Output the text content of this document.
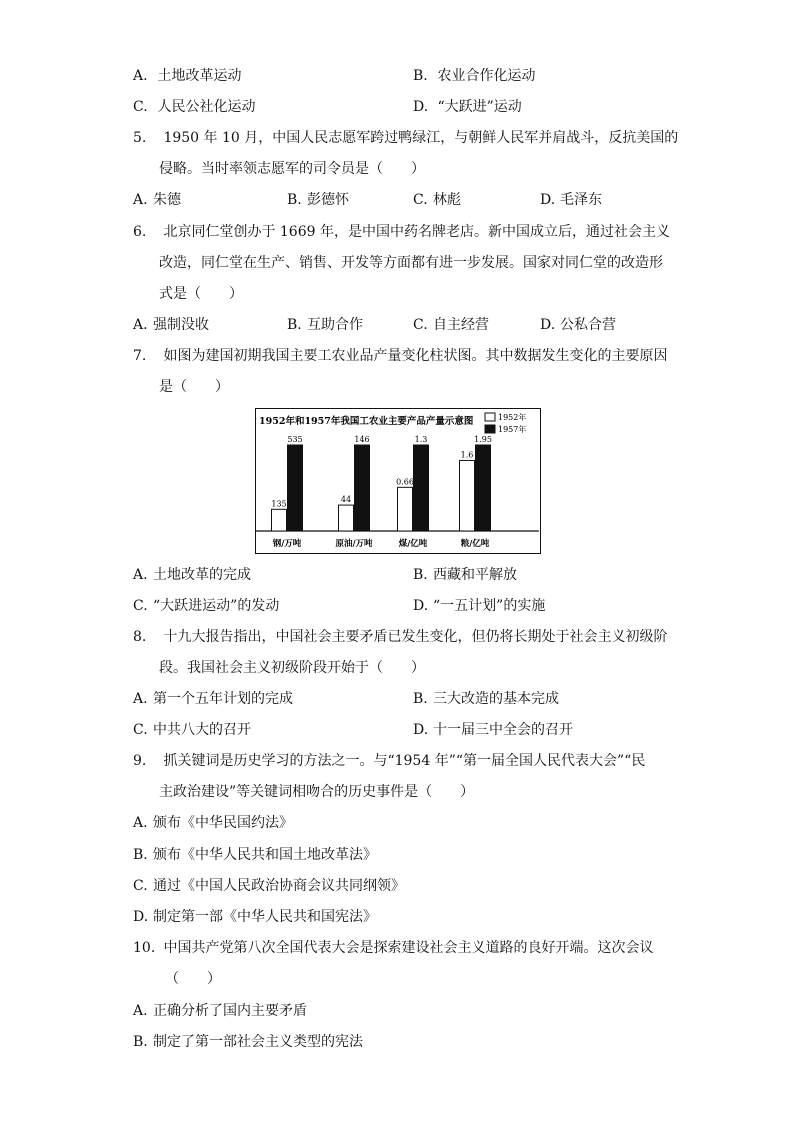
A. 土地改革运动	B. 农业合作化运动
C. 人民公社化运动	D. “大跃进”运动
5. 1950 年 10 月，中国人民志愿军跨过鸭绿江，与朝鲜人民军并肩战斗，反抗美国的
侵略。当时率领志愿军的司令员是（　　）
A. 朱德	B. 彭德怀	C. 林彪	D. 毛泽东
6. 北京同仁堂创办于 1669 年，是中国中药名牌老店。新中国成立后，通过社会主义
改造，同仁堂在生产、销售、开发等方面都有进一步发展。国家对同仁堂的改造形
式是（　　）
A. 强制没收	B. 互助合作	C. 自主经营	D. 公私合营
7. 如图为建国初期我国主要工农业品产量变化柱状图。其中数据发生变化的主要原因
是（　　）
1952年和1957年我国工农业主要产品产量示意图	1952年
1957年
135
535
44
146
0.66
1.3
1.6
1.95
钢/万吨	原油/万吨	煤/亿吨	粮/亿吨
A. 土地改革的完成	B. 西藏和平解放
C. “大跃进运动”的发动	D. “一五计划”的实施
8. 十九大报告指出，中国社会主要矛盾已发生变化，但仍将长期处于社会主义初级阶
段。我国社会主义初级阶段开始于（　　）
A. 第一个五年计划的完成	B. 三大改造的基本完成
C. 中共八大的召开	D. 十一届三中全会的召开
9. 抓关键词是历史学习的方法之一。与“1954 年”“第一届全国人民代表大会”“民
主政治建设”等关键词相吻合的历史事件是（　　）
A. 颁布《中华民国约法》
B. 颁布《中华人民共和国土地改革法》
C. 通过《中国人民政治协商会议共同纲领》
D. 制定第一部《中华人民共和国宪法》
10. 中国共产党第八次全国代表大会是探索建设社会主义道路的良好开端。这次会议
（　　）
A. 正确分析了国内主要矛盾
B. 制定了第一部社会主义类型的宪法
